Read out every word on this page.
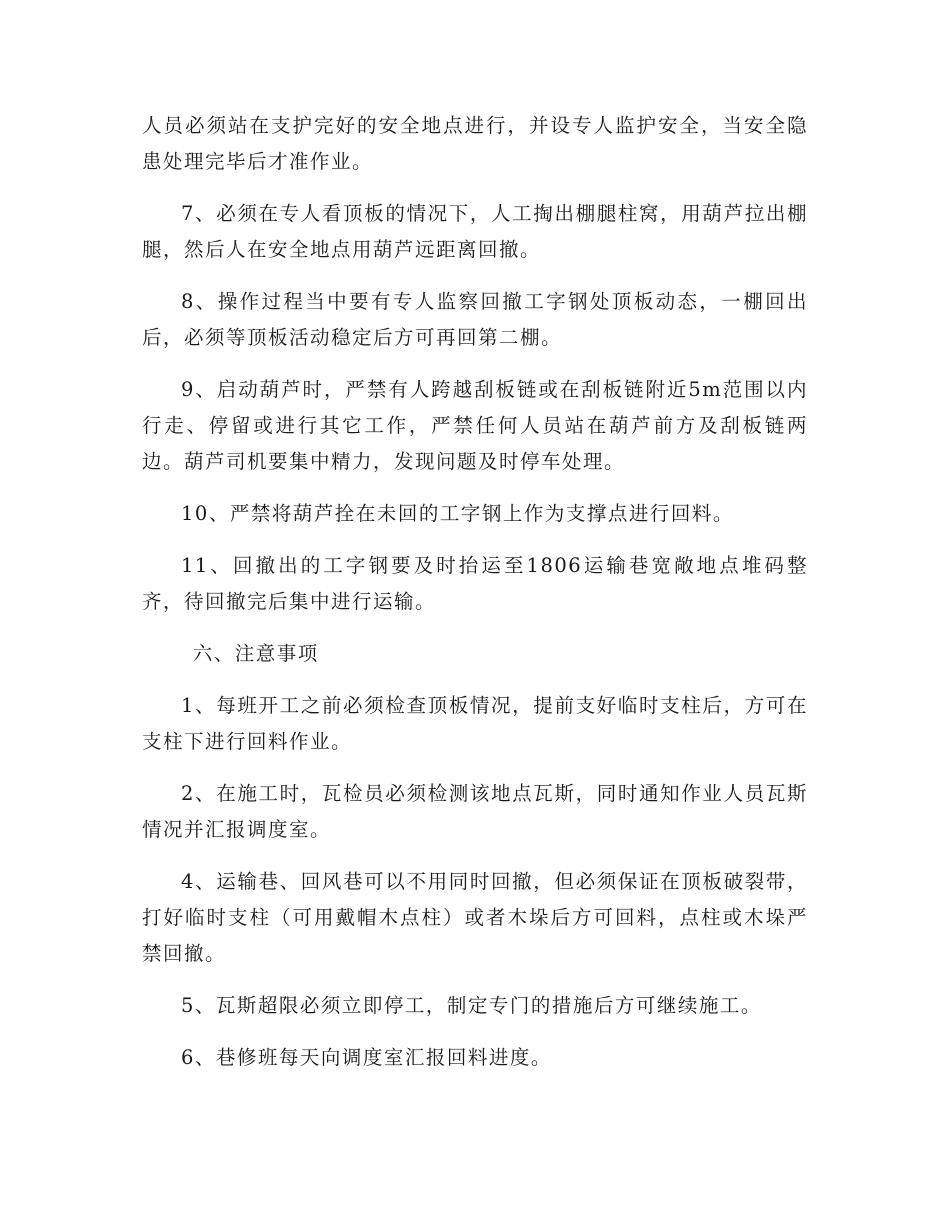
人员必须站在支护完好的安全地点进行，并设专人监护安全，当安全隐患处理完毕后才准作业。

7、必须在专人看顶板的情况下，人工掏出棚腿柱窝，用葫芦拉出棚腿，然后人在安全地点用葫芦远距离回撤。

8、操作过程当中要有专人监察回撤工字钢处顶板动态，一棚回出后，必须等顶板活动稳定后方可再回第二棚。

9、启动葫芦时，严禁有人跨越刮板链或在刮板链附近5m范围以内行走、停留或进行其它工作，严禁任何人员站在葫芦前方及刮板链两边。葫芦司机要集中精力，发现问题及时停车处理。

10、严禁将葫芦拴在未回的工字钢上作为支撑点进行回料。

11、回撤出的工字钢要及时抬运至1806运输巷宽敞地点堆码整齐，待回撤完后集中进行运输。

六、注意事项

1、每班开工之前必须检查顶板情况，提前支好临时支柱后，方可在支柱下进行回料作业。

2、在施工时，瓦检员必须检测该地点瓦斯，同时通知作业人员瓦斯情况并汇报调度室。

4、运输巷、回风巷可以不用同时回撤，但必须保证在顶板破裂带，打好临时支柱（可用戴帽木点柱）或者木垛后方可回料，点柱或木垛严禁回撤。

5、瓦斯超限必须立即停工，制定专门的措施后方可继续施工。

6、巷修班每天向调度室汇报回料进度。
